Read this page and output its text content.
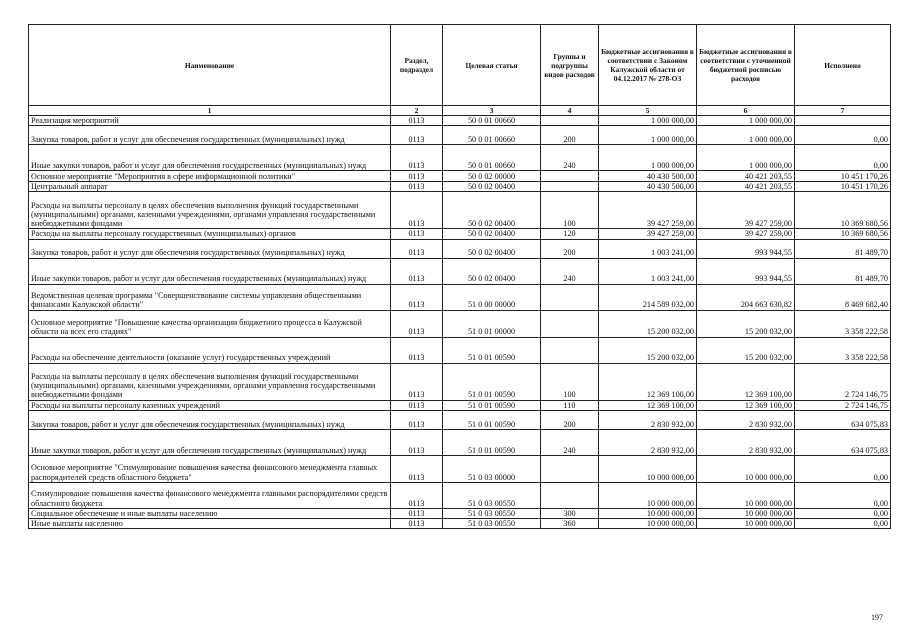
Наименование	Раздел, подраздел	Целевая статья	Группы и подгруппы видов расходов	Бюджетные ассигнования в соответствии с Законом Калужской области от 04.12.2017 № 278-ОЗ	Бюджетные ассигнования в соответствии с уточненной бюджетной росписью расходов	Исполнено
1	2	3	4	5	6	7
Реализация мероприятий	0113	50 0 01 00660		1 000 000,00	1 000 000,00	
Закупка товаров, работ и услуг для обеспечения государственных (муниципальных) нужд	0113	50 0 01 00660	200	1 000 000,00	1 000 000,00	0,00
Иные закупки товаров, работ и услуг для обеспечения государственных (муниципальных) нужд	0113	50 0 01 00660	240	1 000 000,00	1 000 000,00	0,00
Основное мероприятие "Мероприятия в сфере информационной политики"	0113	50 0 02 00000		40 430 500,00	40 421 203,55	10 451 170,26
Центральный аппарат	0113	50 0 02 00400		40 430 500,00	40 421 203,55	10 451 170,26
Расходы на выплаты персоналу в целях обеспечения выполнения функций государственными (муниципальными) органами, казенными учреждениями, органами управления государственными внебюджетными фондами	0113	50 0 02 00400	100	39 427 259,00	39 427 259,00	10 369 680,56
Расходы на выплаты персоналу государственных (муниципальных) органов	0113	50 0 02 00400	120	39 427 259,00	39 427 259,00	10 369 680,56
Закупка товаров, работ и услуг для обеспечения государственных (муниципальных) нужд	0113	50 0 02 00400	200	1 003 241,00	993 944,55	81 489,70
Иные закупки товаров, работ и услуг для обеспечения государственных (муниципальных) нужд	0113	50 0 02 00400	240	1 003 241,00	993 944,55	81 489,70
Ведомственная целевая программа "Совершенствование системы управления общественными финансами Калужской области"	0113	51 0 00 00000		214 589 032,00	204 663 630,82	8 469 682,40
Основное мероприятие "Повышение качества организации бюджетного процесса в Калужской области на всех его стадиях"	0113	51 0 01 00000		15 200 032,00	15 200 032,00	3 358 222,58
Расходы на обеспечение деятельности (оказание услуг) государственных учреждений	0113	51 0 01 00590		15 200 032,00	15 200 032,00	3 358 222,58
Расходы на выплаты персоналу в целях обеспечения выполнения функций государственными (муниципальными) органами, казенными учреждениями, органами управления государственными внебюджетными фондами	0113	51 0 01 00590	100	12 369 100,00	12 369 100,00	2 724 146,75
Расходы на выплаты персоналу казенных учреждений	0113	51 0 01 00590	110	12 369 100,00	12 369 100,00	2 724 146,75
Закупка товаров, работ и услуг для обеспечения государственных (муниципальных) нужд	0113	51 0 01 00590	200	2 830 932,00	2 830 932,00	634 075,83
Иные закупки товаров, работ и услуг для обеспечения государственных (муниципальных) нужд	0113	51 0 01 00590	240	2 830 932,00	2 830 932,00	634 075,83
Основное мероприятие "Стимулирование повышения качества финансового менеджмента главных распорядителей средств областного бюджета"	0113	51 0 03 00000		10 000 000,00	10 000 000,00	0,00
Стимулирование повышения качества финансового менеджмента главными распорядителями средств областного бюджета	0113	51 0 03 00550		10 000 000,00	10 000 000,00	0,00
Социальное обеспечение и иные выплаты населению	0113	51 0 03 00550	300	10 000 000,00	10 000 000,00	0,00
Иные выплаты населению	0113	51 0 03 00550	360	10 000 000,00	10 000 000,00	0,00
197
